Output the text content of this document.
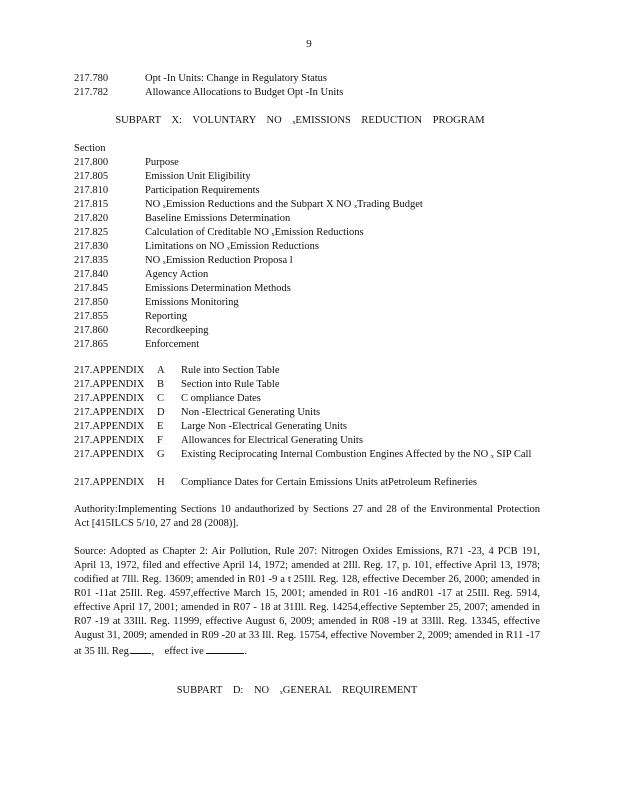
9
217.780	Opt -In Units: Change in Regulatory Status
217.782	Allowance Allocations to Budget Opt -In Units
SUBPART X: VOLUNTARY NO ₓEMISSIONS REDUCTION PROGRAM
Section
217.800	Purpose
217.805	Emission Unit Eligibility
217.810	Participation Requirements
217.815	NO ₓEmission Reductions and the Subpart X NO ₓTrading Budget
217.820	Baseline Emissions Determination
217.825	Calculation of Creditable NO ₓEmission Reductions
217.830	Limitations on NO ₓEmission Reductions
217.835	NO ₓEmission Reduction Proposa l
217.840	Agency Action
217.845	Emissions Determination Methods
217.850	Emissions Monitoring
217.855	Reporting
217.860	Recordkeeping
217.865	Enforcement
217.APPENDIX A Rule into Section Table
217.APPENDIX B Section into Rule Table
217.APPENDIX C C ompliance Dates
217.APPENDIX D Non -Electrical Generating Units
217.APPENDIX E Large Non -Electrical Generating Units
217.APPENDIX F Allowances for Electrical Generating Units
217.APPENDIX G Existing Reciprocating Internal Combustion Engines Affected by the NO ₓ SIP Call
217.APPENDIX H Compliance Dates for Certain Emissions Units atPetroleum Refineries
Authority:Implementing Sections 10 andauthorized by Sections 27 and 28 of the Environmental Protection Act [415ILCS 5/10, 27 and 28 (2008)].
Source: Adopted as Chapter 2: Air Pollution, Rule 207: Nitrogen Oxides Emissions, R71 -23, 4 PCB 191, April 13, 1972, filed and effective April 14, 1972; amended at 2Ill. Reg. 17, p. 101, effective April 13, 1978; codified at 7Ill. Reg. 13609; amended in R01 -9 a t 25Ill. Reg. 128, effective December 26, 2000; amended in R01 -11at 25Ill. Reg. 4597,effective March 15, 2001; amended in R01 -16 andR01 -17 at 25Ill. Reg. 5914, effective April 17, 2001; amended in R07 - 18 at 31Ill. Reg. 14254,effective September 25, 2007; amended in R07 -19 at 33Ill. Reg. 11999, effective August 6, 2009; amended in R08 -19 at 33Ill. Reg. 13345, effective August 31, 2009; amended in R09 -20 at 33 Ill. Reg. 15754, effective November 2, 2009; amended in R11 -17 at 35 Ill. Reg. , effect ive	.
SUBPART D: NO ₓGENERAL REQUIREMENT
